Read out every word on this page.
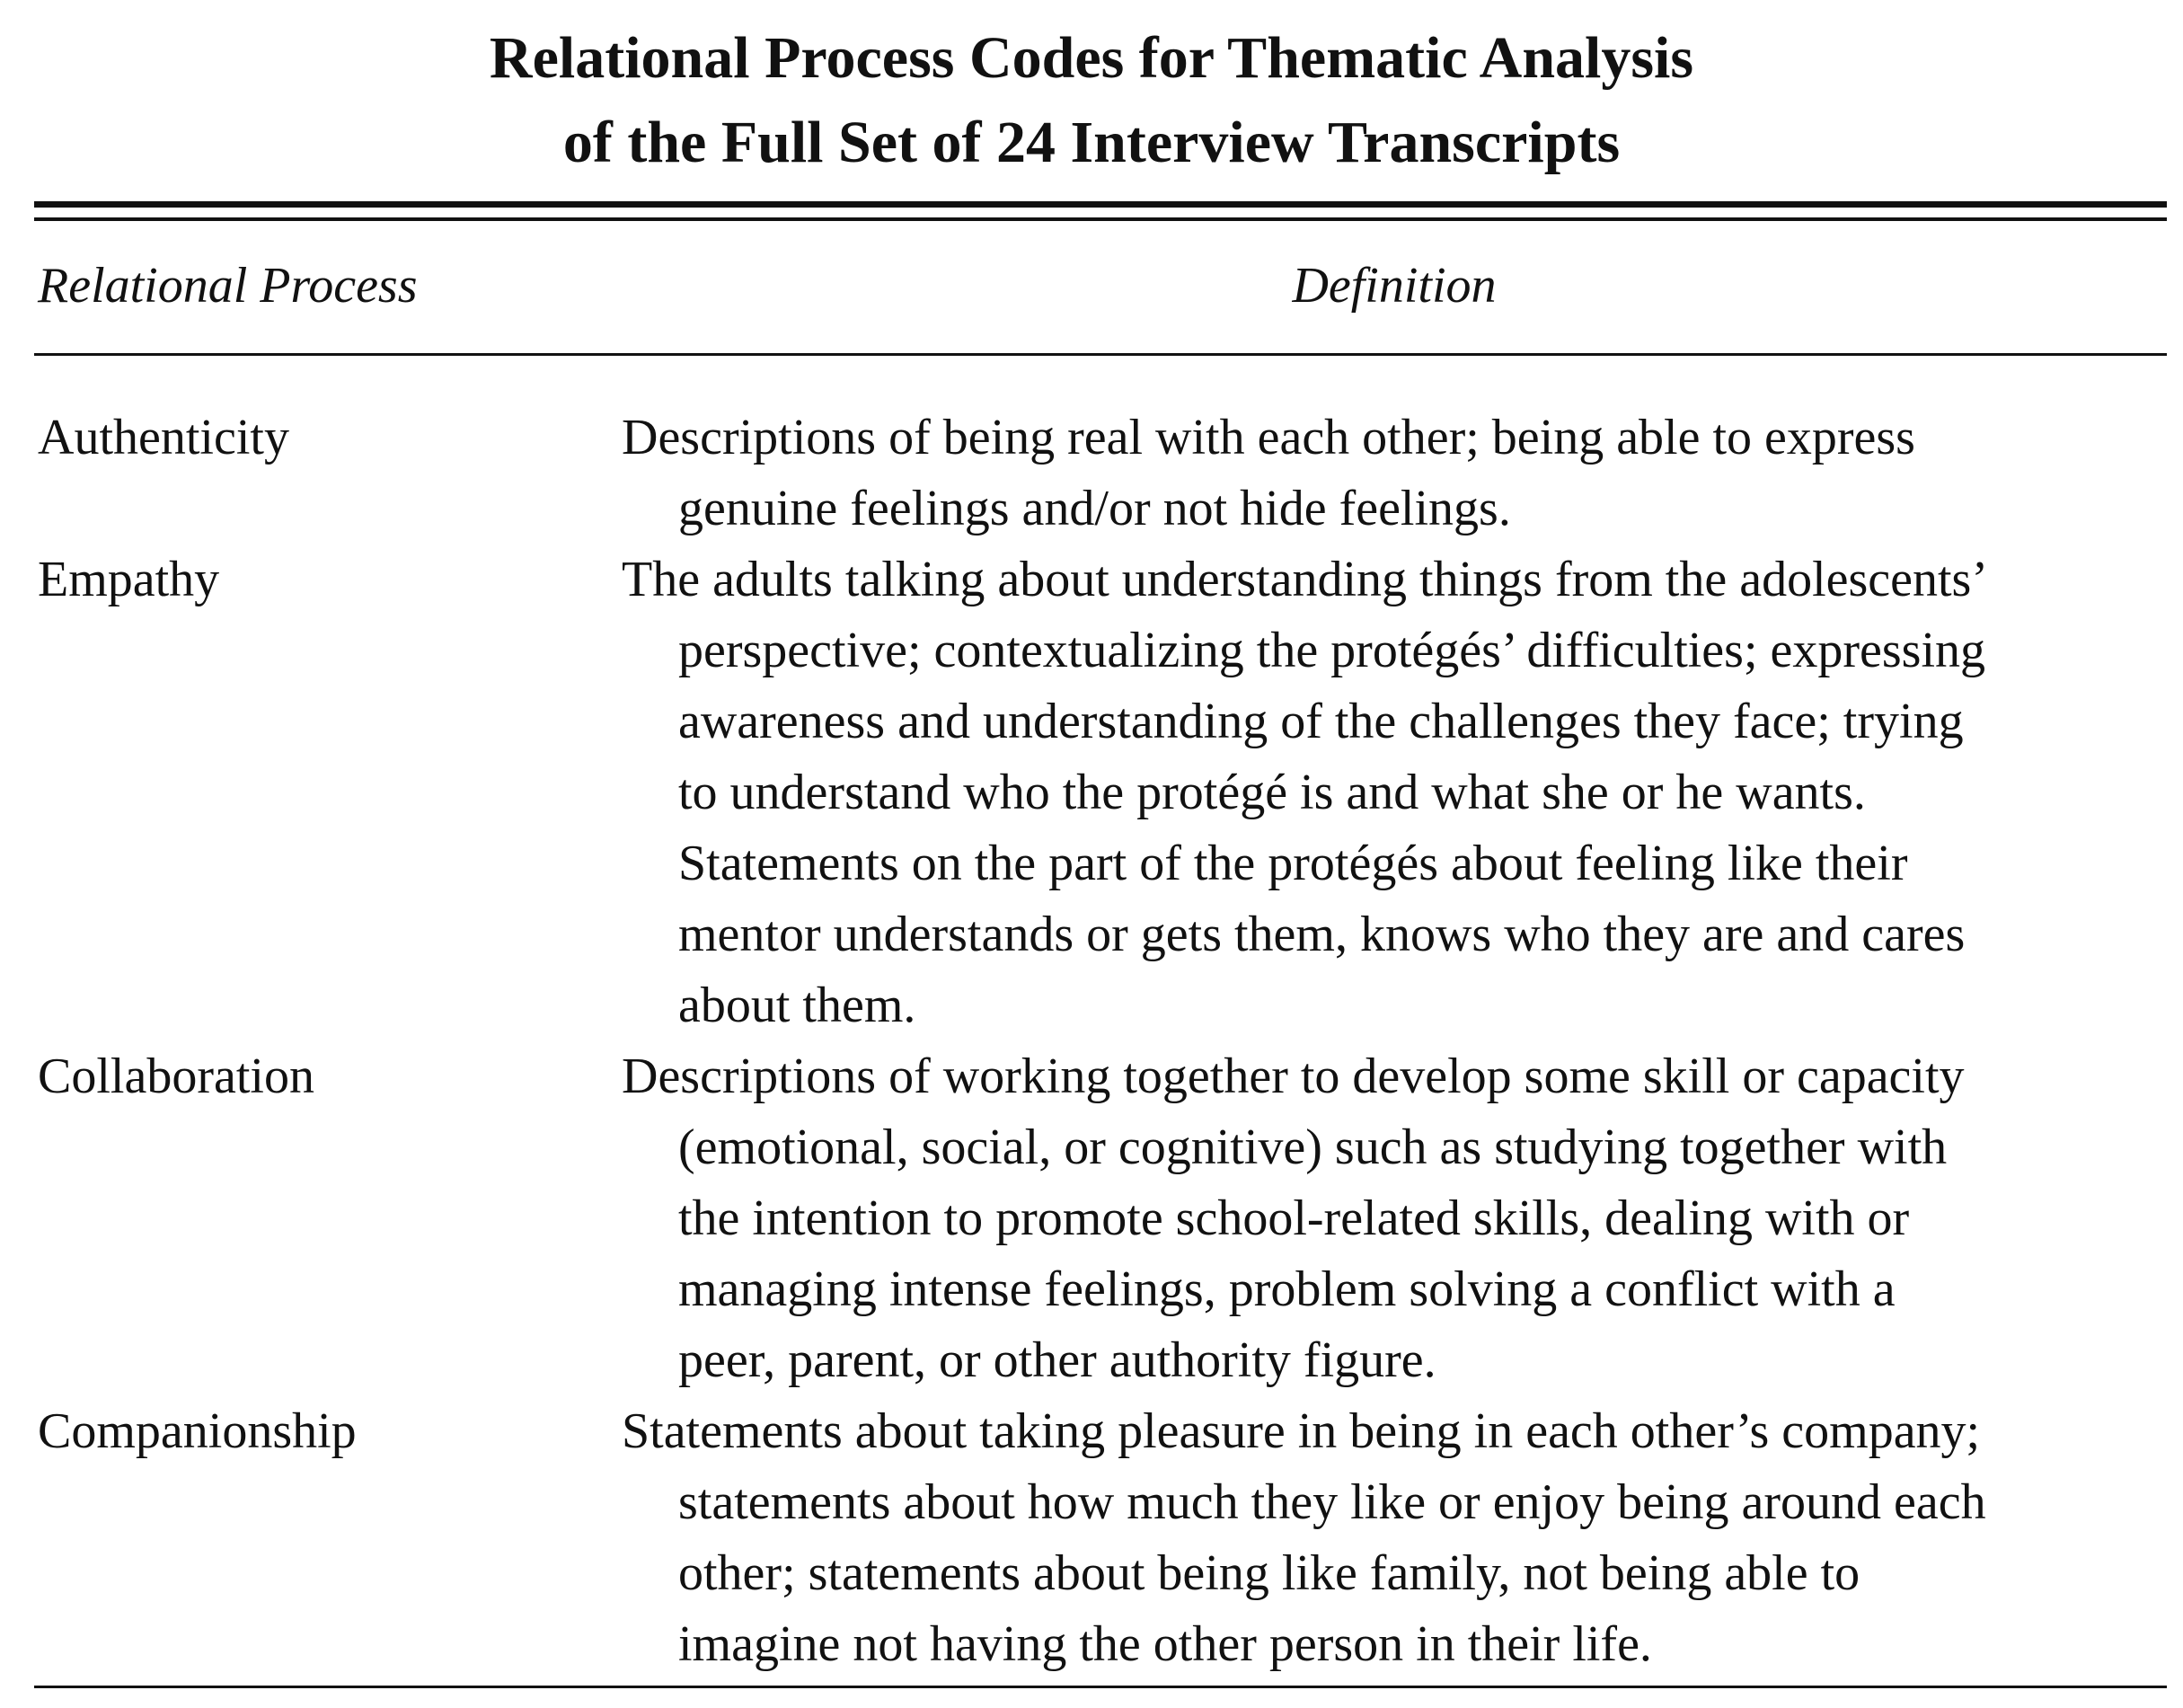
Relational Process Codes for Thematic Analysis
of the Full Set of 24 Interview Transcripts
Relational Process	Definition
Authenticity	Descriptions of being real with each other; being able to express
genuine feelings and/or not hide feelings.
Empathy	The adults talking about understanding things from the adolescents’
perspective; contextualizing the protégés’ difficulties; expressing
awareness and understanding of the challenges they face; trying
to understand who the protégé is and what she or he wants.
Statements on the part of the protégés about feeling like their
mentor understands or gets them, knows who they are and cares
about them.
Collaboration	Descriptions of working together to develop some skill or capacity
(emotional, social, or cognitive) such as studying together with
the intention to promote school-related skills, dealing with or
managing intense feelings, problem solving a conflict with a
peer, parent, or other authority figure.
Companionship	Statements about taking pleasure in being in each other’s company;
statements about how much they like or enjoy being around each
other; statements about being like family, not being able to
imagine not having the other person in their life.
